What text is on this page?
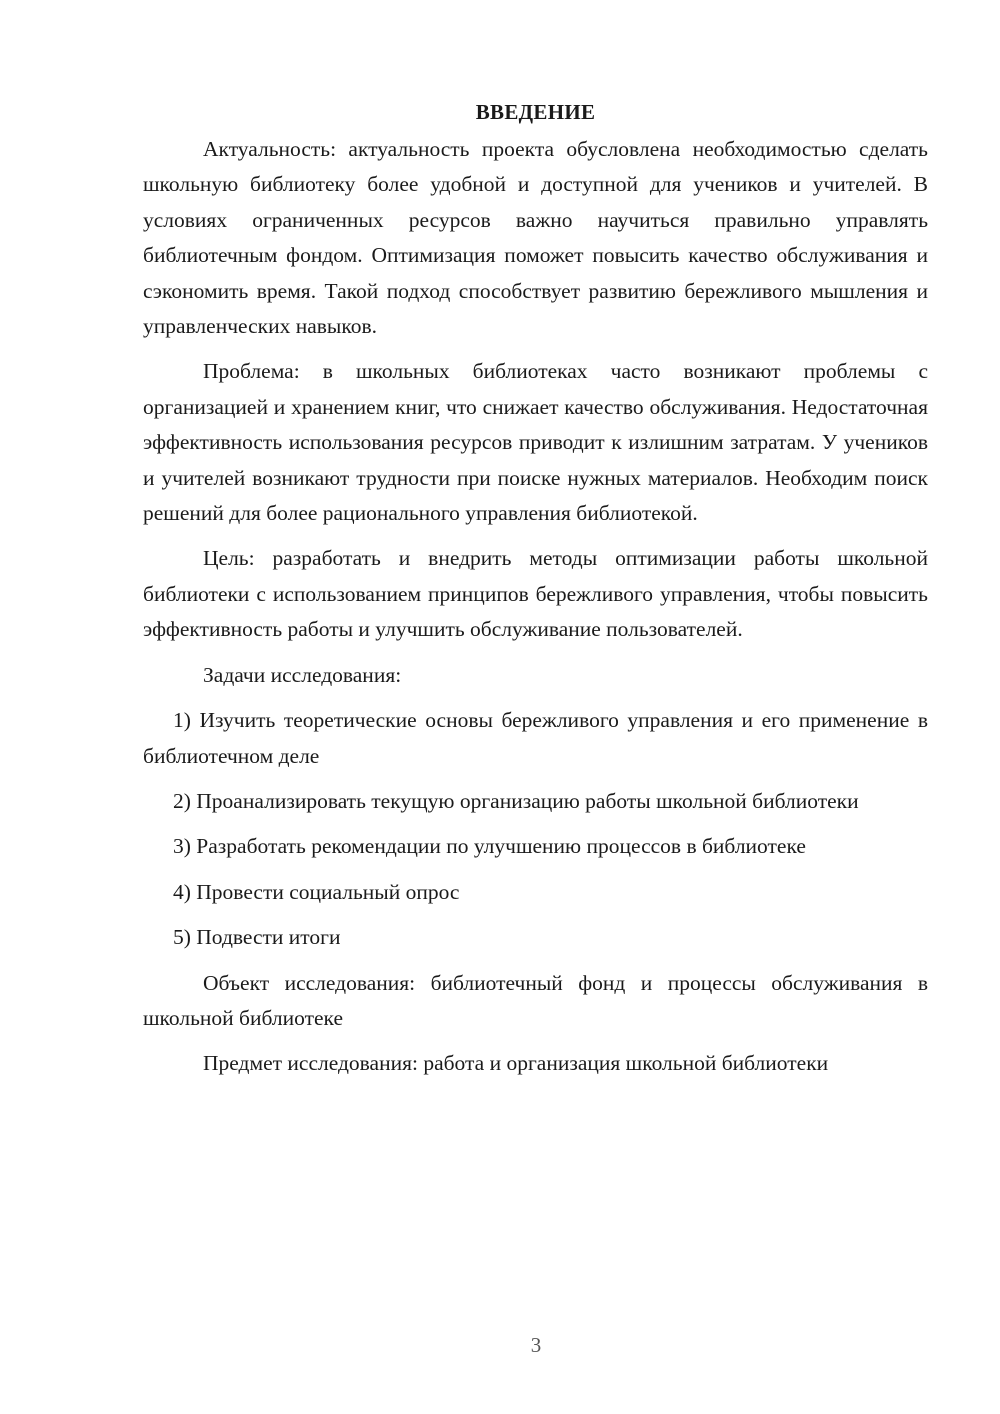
ВВЕДЕНИЕ

Актуальность: актуальность проекта обусловлена необходимостью сделать школьную библиотеку более удобной и доступной для учеников и учителей. В условиях ограниченных ресурсов важно научиться правильно управлять библиотечным фондом. Оптимизация поможет повысить качество обслуживания и сэкономить время. Такой подход способствует развитию бережливого мышления и управленческих навыков.

Проблема: в школьных библиотеках часто возникают проблемы с организацией и хранением книг, что снижает качество обслуживания. Недостаточная эффективность использования ресурсов приводит к излишним затратам. У учеников и учителей возникают трудности при поиске нужных материалов. Необходим поиск решений для более рационального управления библиотекой.

Цель: разработать и внедрить методы оптимизации работы школьной библиотеки с использованием принципов бережливого управления, чтобы повысить эффективность работы и улучшить обслуживание пользователей.

Задачи исследования:

1) Изучить теоретические основы бережливого управления и его применение в библиотечном деле

2) Проанализировать текущую организацию работы школьной библиотеки

3) Разработать рекомендации по улучшению процессов в библиотеке

4) Провести социальный опрос

5) Подвести итоги

Объект исследования: библиотечный фонд и процессы обслуживания в школьной библиотеке

Предмет исследования: работа и организация школьной библиотеки

3
